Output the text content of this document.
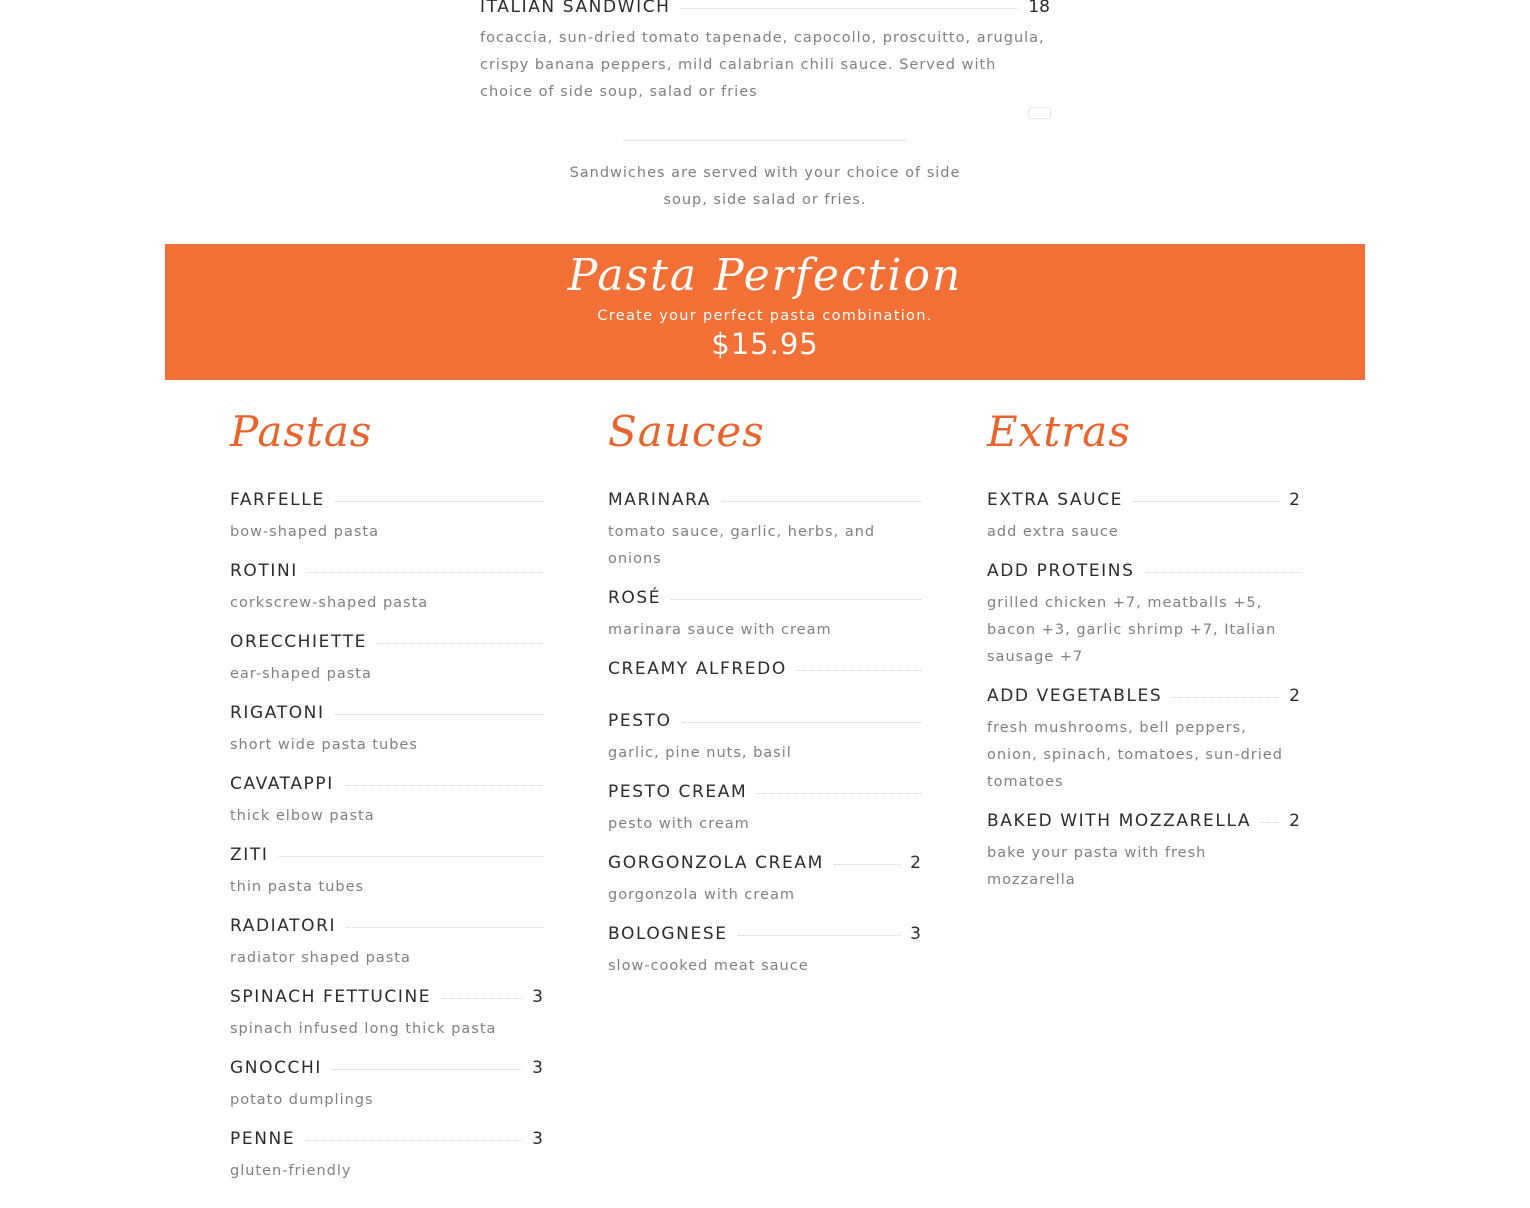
ITALIAN SANDWICH	18
focaccia, sun-dried tomato tapenade, capocollo, proscuitto, arugula, crispy banana peppers, mild calabrian chili sauce. Served with choice of side soup, salad or fries
Sandwiches are served with your choice of side soup, side salad or fries.
Pasta Perfection
Create your perfect pasta combination.
$15.95
Pastas
FARFELLE
bow-shaped pasta
ROTINI
corkscrew-shaped pasta
ORECCHIETTE
ear-shaped pasta
RIGATONI
short wide pasta tubes
CAVATAPPI
thick elbow pasta
ZITI
thin pasta tubes
RADIATORI
radiator shaped pasta
SPINACH FETTUCINE	3
spinach infused long thick pasta
GNOCCHI	3
potato dumplings
PENNE	3
gluten-friendly
Sauces
MARINARA
tomato sauce, garlic, herbs, and onions
ROSÉ
marinara sauce with cream
CREAMY ALFREDO
PESTO
garlic, pine nuts, basil
PESTO CREAM
pesto with cream
GORGONZOLA CREAM	2
gorgonzola with cream
BOLOGNESE	3
slow-cooked meat sauce
Extras
EXTRA SAUCE	2
add extra sauce
ADD PROTEINS
grilled chicken +7, meatballs +5, bacon +3, garlic shrimp +7, Italian sausage +7
ADD VEGETABLES	2
fresh mushrooms, bell peppers, onion, spinach, tomatoes, sun-dried tomatoes
BAKED WITH MOZZARELLA 2
bake your pasta with fresh mozzarella
